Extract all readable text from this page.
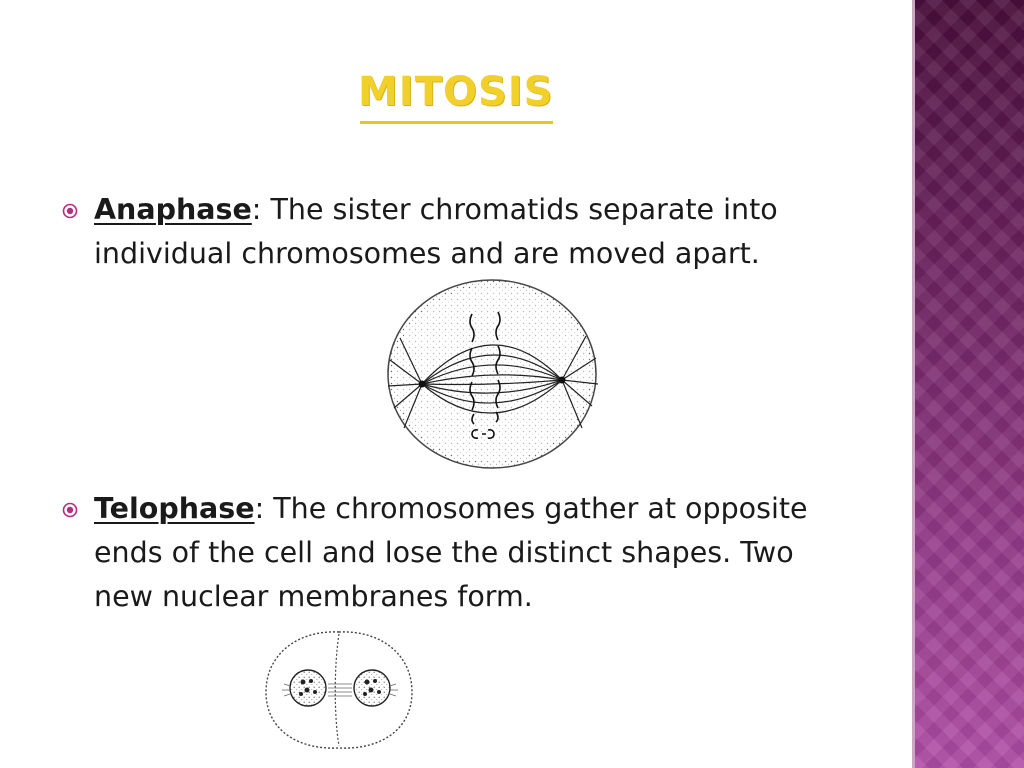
MITOSIS
Anaphase: The sister chromatids separate into individual chromosomes and are moved apart.
Telophase: The chromosomes gather at opposite ends of the cell and lose the distinct shapes. Two new nuclear membranes form.
